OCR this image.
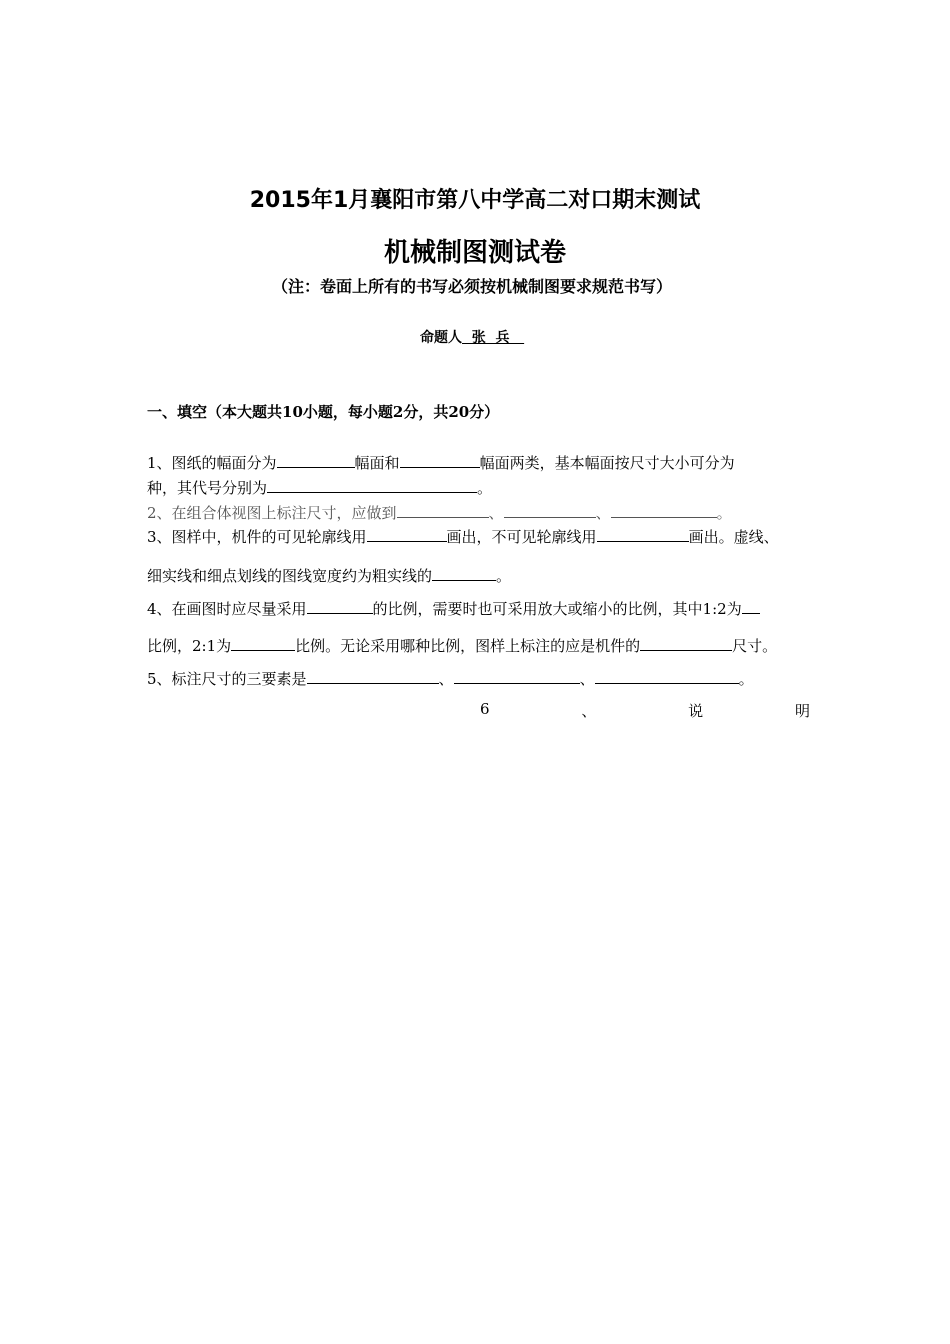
2015年1月襄阳市第八中学高二对口期末测试
机械制图测试卷
（注：卷面上所有的书写必须按机械制图要求规范书写）
命题人  张  兵
一、填空（本大题共10小题，每小题2分，共20分）
1、图纸的幅面分为	幅面和	幅面两类，基本幅面按尺寸大小可分为
种，其代号分别为	。
2、在组合体视图上标注尺寸，应做到	、	、	。
3、图样中，机件的可见轮廓线用	画出，不可见轮廓线用	画出。虚线、
细实线和细点划线的图线宽度约为粗实线的	。
4、在画图时应尽量采用	的比例，需要时也可采用放大或缩小的比例，其中1:2为
比例，2:1为	比例。无论采用哪种比例，图样上标注的应是机件的	尺寸。
5、标注尺寸的三要素是	、	、	。
6	、	说	明
